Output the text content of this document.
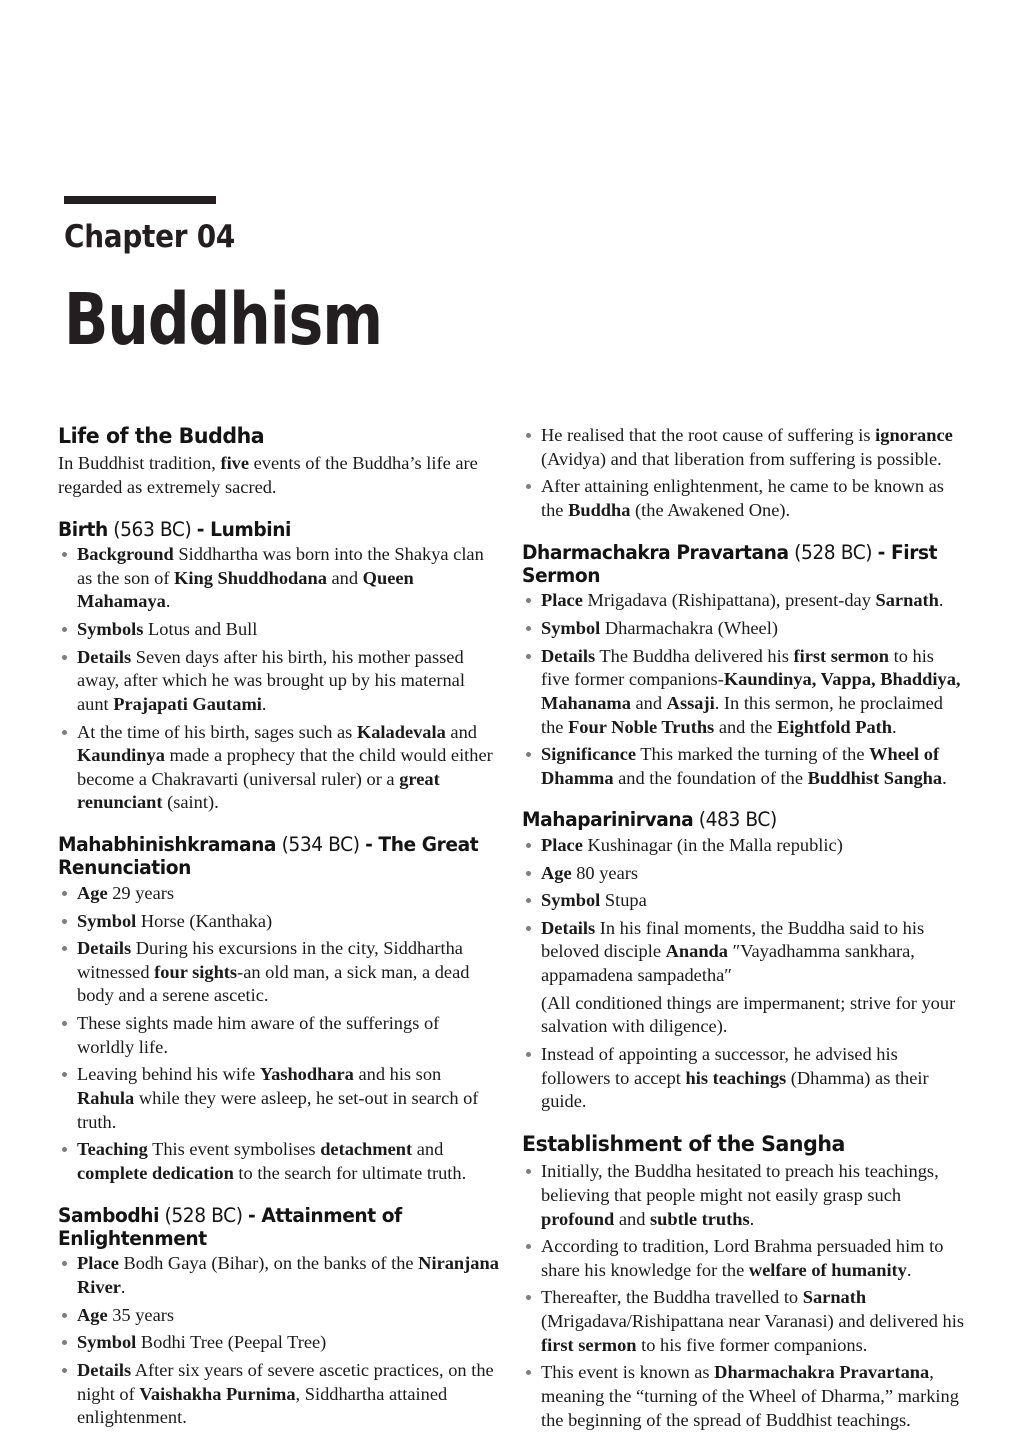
Chapter 04
Buddhism
Life of the Buddha

In Buddhist tradition, five events of the Buddha’s life are regarded as extremely sacred.

Birth (563 BC) - Lumbini
Background Siddhartha was born into the Shakya clan as the son of King Shuddhodana and Queen Mahamaya.
Symbols Lotus and Bull
Details Seven days after his birth, his mother passed away, after which he was brought up by his maternal aunt Prajapati Gautami.
At the time of his birth, sages such as Kaladevala and Kaundinya made a prophecy that the child would either become a Chakravarti (universal ruler) or a great renunciant (saint).
Mahabhinishkramana (534 BC) - The Great Renunciation
Age 29 years
Symbol Horse (Kanthaka)
Details During his excursions in the city, Siddhartha witnessed four sights-an old man, a sick man, a dead body and a serene ascetic.
These sights made him aware of the sufferings of worldly life.
Leaving behind his wife Yashodhara and his son Rahula while they were asleep, he set-out in search of truth.
Teaching This event symbolises detachment and complete dedication to the search for ultimate truth.
Sambodhi (528 BC) - Attainment of Enlightenment
Place Bodh Gaya (Bihar), on the banks of the Niranjana River.
Age 35 years
Symbol Bodhi Tree (Peepal Tree)
Details After six years of severe ascetic practices, on the night of Vaishakha Purnima, Siddhartha attained enlightenment.
He realised that the root cause of suffering is ignorance (Avidya) and that liberation from suffering is possible.
After attaining enlightenment, he came to be known as the Buddha (the Awakened One).
Dharmachakra Pravartana (528 BC) - First Sermon
Place Mrigadava (Rishipattana), present-day Sarnath.
Symbol Dharmachakra (Wheel)
Details The Buddha delivered his first sermon to his five former companions-Kaundinya, Vappa, Bhaddiya, Mahanama and Assaji. In this sermon, he proclaimed the Four Noble Truths and the Eightfold Path.
Significance This marked the turning of the Wheel of Dhamma and the foundation of the Buddhist Sangha.
Mahaparinirvana (483 BC)
Place Kushinagar (in the Malla republic)
Age 80 years
Symbol Stupa
Details In his final moments, the Buddha said to his beloved disciple Ananda ″Vayadhamma sankhara, appamadena sampadetha″
(All conditioned things are impermanent; strive for your salvation with diligence).
Instead of appointing a successor, he advised his followers to accept his teachings (Dhamma) as their guide.
Establishment of the Sangha
Initially, the Buddha hesitated to preach his teachings, believing that people might not easily grasp such profound and subtle truths.
According to tradition, Lord Brahma persuaded him to share his knowledge for the welfare of humanity.
Thereafter, the Buddha travelled to Sarnath (Mrigadava/Rishipattana near Varanasi) and delivered his first sermon to his five former companions.
This event is known as Dharmachakra Pravartana, meaning the “turning of the Wheel of Dharma,” marking the beginning of the spread of Buddhist teachings.
